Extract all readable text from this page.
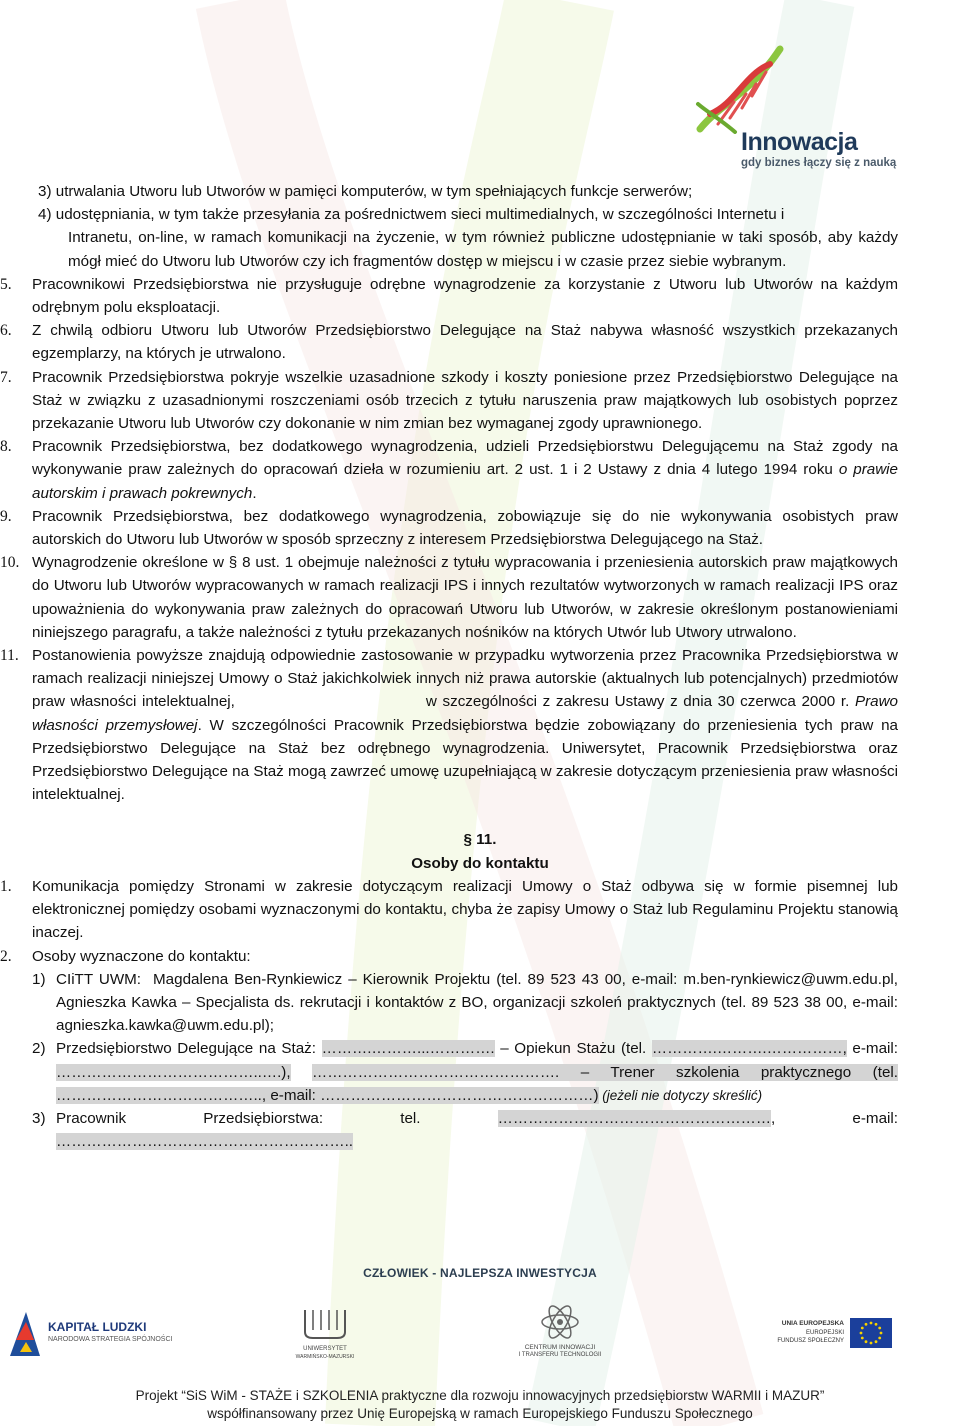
Innowacja
gdy biznes łączy się z nauką
3) utrwalania Utworu lub Utworów w pamięci komputerów, w tym spełniających funkcje serwerów;
4) udostępniania, w tym także przesyłania za pośrednictwem sieci multimedialnych, w szczególności Internetu i
Intranetu, on-line, w ramach komunikacji na życzenie, w tym również publiczne udostępnianie w taki sposób, aby każdy mógł mieć do Utworu lub Utworów czy ich fragmentów dostęp w miejscu i w czasie przez siebie wybranym.
5.	Pracownikowi Przedsiębiorstwa nie przysługuje odrębne wynagrodzenie za korzystanie z Utworu lub Utworów na każdym odrębnym polu eksploatacji.
6.	Z chwilą odbioru Utworu lub Utworów Przedsiębiorstwo Delegujące na Staż nabywa własność wszystkich przekazanych egzemplarzy, na których je utrwalono.
7.	Pracownik Przedsiębiorstwa pokryje wszelkie uzasadnione szkody i koszty poniesione przez Przedsiębiorstwo Delegujące na Staż w związku z uzasadnionymi roszczeniami osób trzecich z tytułu naruszenia praw majątkowych lub osobistych poprzez przekazanie Utworu lub Utworów czy dokonanie w nim zmian bez wymaganej zgody uprawnionego.
8.	Pracownik Przedsiębiorstwa, bez dodatkowego wynagrodzenia, udzieli Przedsiębiorstwu Delegującemu na Staż zgody na wykonywanie praw zależnych do opracowań dzieła w rozumieniu art. 2 ust. 1 i 2 Ustawy z dnia 4 lutego 1994 roku o prawie autorskim i prawach pokrewnych.
9.	Pracownik Przedsiębiorstwa, bez dodatkowego wynagrodzenia, zobowiązuje się do nie wykonywania osobistych praw autorskich do Utworu lub Utworów w sposób sprzeczny z interesem Przedsiębiorstwa Delegującego na Staż.
10. Wynagrodzenie określone w § 8 ust. 1 obejmuje należności z tytułu wypracowania i przeniesienia autorskich praw majątkowych do Utworu lub Utworów wypracowanych w ramach realizacji IPS i innych rezultatów wytworzonych w ramach realizacji IPS oraz upoważnienia do wykonywania praw zależnych do opracowań Utworu lub Utworów, w zakresie określonym postanowieniami niniejszego paragrafu, a także należności z tytułu przekazanych nośników na których Utwór lub Utwory utrwalono.
11. Postanowienia powyższe znajdują odpowiednie zastosowanie w przypadku wytworzenia przez Pracownika Przedsiębiorstwa w ramach realizacji niniejszej Umowy o Staż jakichkolwiek innych niż prawa autorskie (aktualnych lub potencjalnych) przedmiotów praw własności intelektualnej,                                  w szczególności z zakresu Ustawy z dnia 30 czerwca 2000 r. Prawo własności przemysłowej. W szczególności Pracownik Przedsiębiorstwa będzie zobowiązany do przeniesienia tych praw na Przedsiębiorstwo Delegujące na Staż bez odrębnego wynagrodzenia. Uniwersytet, Pracownik Przedsiębiorstwa oraz Przedsiębiorstwo Delegujące na Staż mogą zawrzeć umowę uzupełniającą w zakresie dotyczącym przeniesienia praw własności intelektualnej.
§ 11.
Osoby do kontaktu
1.	Komunikacja pomiędzy Stronami w zakresie dotyczącym realizacji Umowy o Staż odbywa się w formie pisemnej lub elektronicznej pomiędzy osobami wyznaczonymi do kontaktu, chyba że zapisy Umowy o Staż lub Regulaminu Projektu stanowią inaczej.
2.	Osoby wyznaczone do kontaktu:
1) CIiTT UWM:  Magdalena Ben-Rynkiewicz – Kierownik Projektu (tel. 89 523 43 00, e-mail: m.ben-rynkiewicz@uwm.edu.pl, Agnieszka Kawka – Specjalista ds. rekrutacji i kontaktów z BO, organizacji szkoleń praktycznych (tel. 89 523 38 00, e-mail: agnieszka.kawka@uwm.edu.pl);
2) Przedsiębiorstwo Delegujące na Staż: ……….………...…………. – Opiekun Stażu (tel. ………….……….……………, e-mail: …………………………………..….), …………………………………………. – Trener szkolenia praktycznego (tel. ………………………………….., e-mail: ………………………………………………) (jeżeli nie dotyczy skreślić)
3) Pracownik Przedsiębiorstwa: tel. ………………………………………………, e-mail: …………………………………………………..
CZŁOWIEK - NAJLEPSZA INWESTYCJA
KAPITAŁ LUDZKI
NARODOWA STRATEGIA SPÓJNOŚCI
UNIWERSYTET
WARMIŃSKO-MAZURSKI
CENTRUM INNOWACJI
I TRANSFERU TECHNOLOGII
UNIA EUROPEJSKA
EUROPEJSKI
FUNDUSZ SPOŁECZNY
Projekt “SiS WiM - STAŻE i SZKOLENIA praktyczne dla rozwoju innowacyjnych przedsiębiorstw WARMII i MAZUR”
współfinansowany przez Unię Europejską w ramach Europejskiego Funduszu Społecznego
